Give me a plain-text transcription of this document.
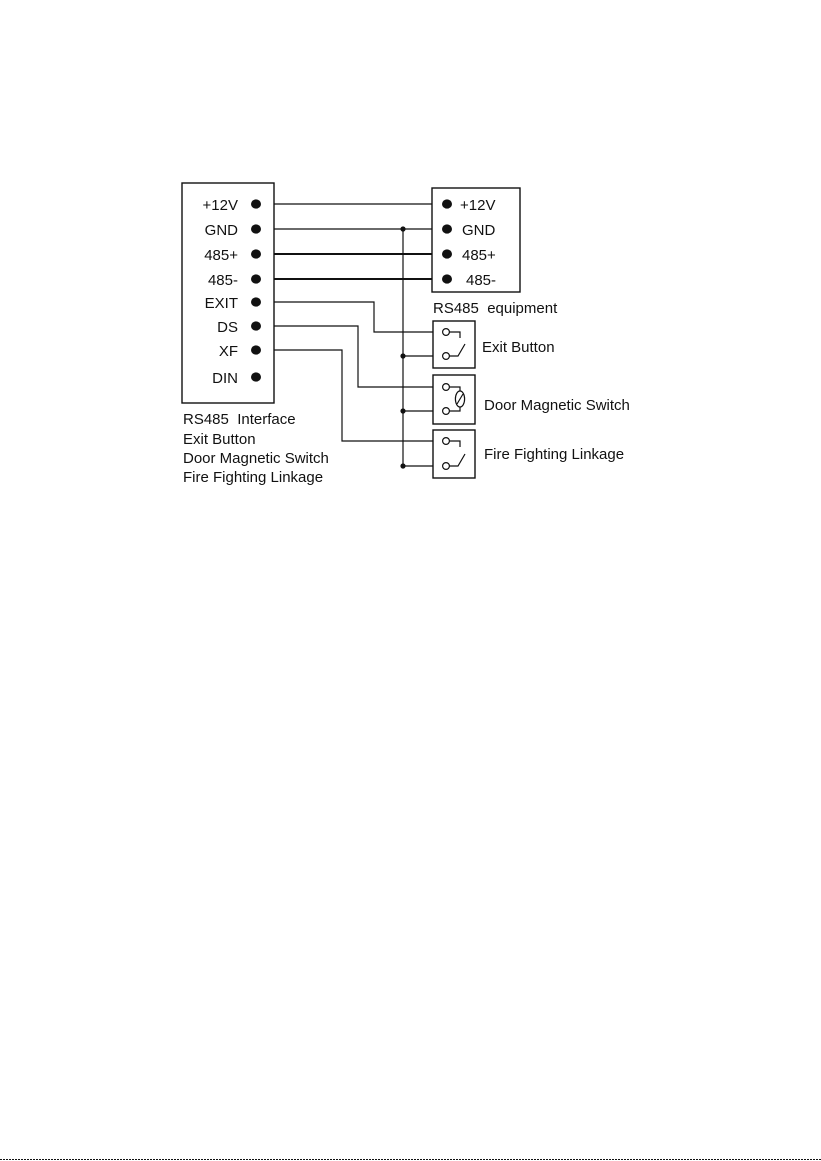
+12V
GND
485+
485-
EXIT
DS
XF
DIN
RS485  Interface
Exit Button
Door Magnetic Switch
Fire Fighting Linkage
+12V
GND
485+
485-
RS485  equipment
Exit Button
Door Magnetic Switch
Fire Fighting Linkage
